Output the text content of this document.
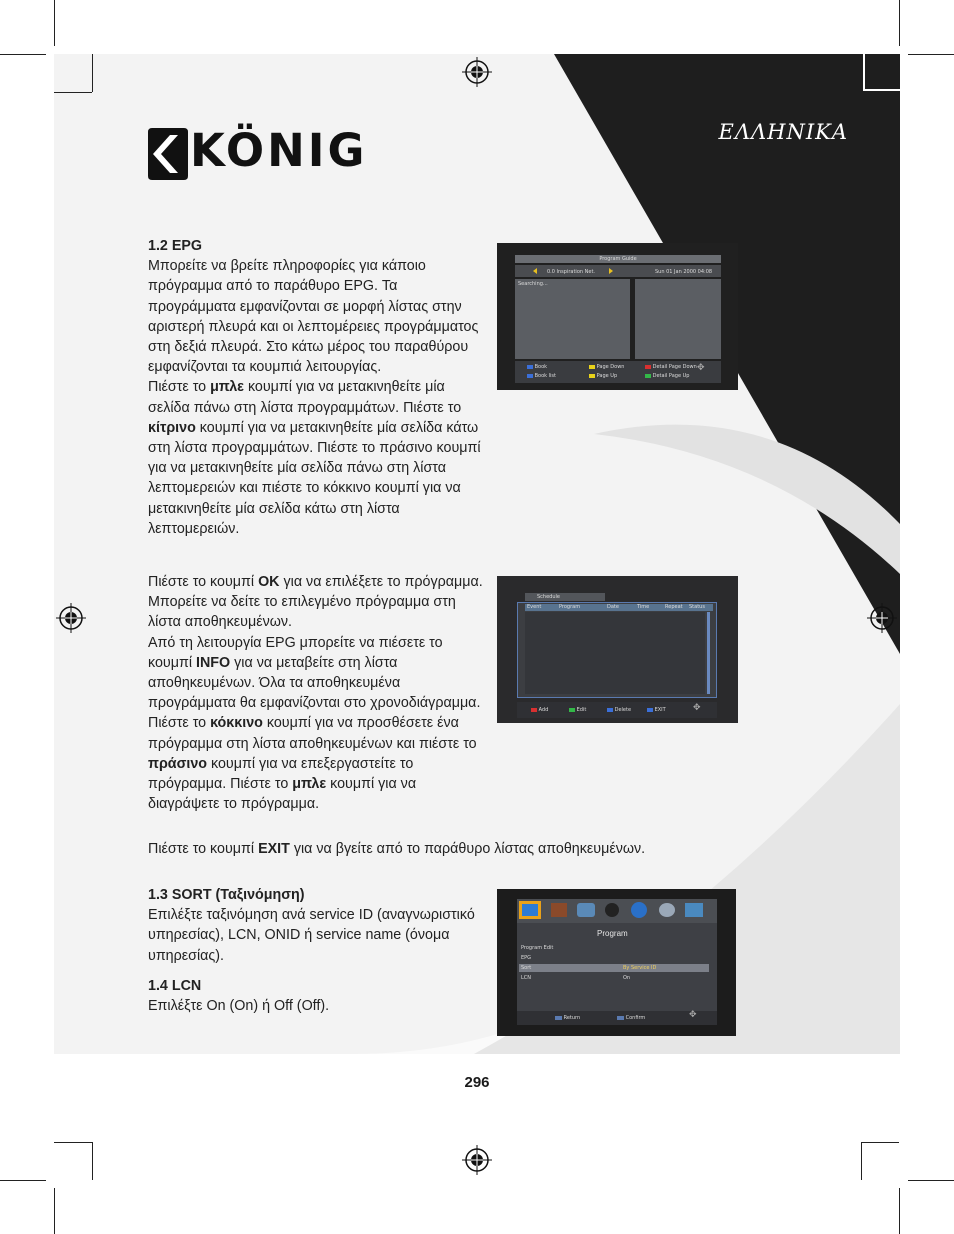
ΕΛΛΗΝΙΚΑ
KÖNIG
1.2 EPG
Μπορείτε να βρείτε πληροφορίες για κάποιο πρόγραμμα από το παράθυρο EPG. Τα προγράμματα εμφανίζονται σε μορφή λίστας στην αριστερή πλευρά και οι λεπτομέρειες προγράμματος στη δεξιά πλευρά. Στο κάτω μέρος του παραθύρου εμφανίζονται τα κουμπιά λειτουργίας.
Πιέστε το μπλε κουμπί για να μετακινηθείτε μία σελίδα πάνω στη λίστα προγραμμάτων. Πιέστε το κίτρινο κουμπί για να μετακινηθείτε μία σελίδα κάτω στη λίστα προγραμμάτων. Πιέστε το πράσινο κουμπί για να μετακινηθείτε μία σελίδα πάνω στη λίστα λεπτομερειών και πιέστε το κόκκινο κουμπί για να μετακινηθείτε μία σελίδα κάτω στη λίστα λεπτομερειών.
Πιέστε το κουμπί OK για να επιλέξετε το πρόγραμμα. Μπορείτε να δείτε το επιλεγμένο πρόγραμμα στη λίστα αποθηκευμένων.
Από τη λειτουργία EPG μπορείτε να πιέσετε το κουμπί INFO για να μεταβείτε στη λίστα αποθηκευμένων. Όλα τα αποθηκευμένα προγράμματα θα εμφανίζονται στο χρονοδιάγραμμα.
Πιέστε το κόκκινο κουμπί για να προσθέσετε ένα πρόγραμμα στη λίστα αποθηκευμένων και πιέστε το πράσινο κουμπί για να επεξεργαστείτε το πρόγραμμα. Πιέστε το μπλε κουμπί για να διαγράψετε το πρόγραμμα.
Πιέστε το κουμπί EXIT για να βγείτε από το παράθυρο λίστας αποθηκευμένων.
1.3 SORT (Ταξινόμηση)
Επιλέξτε ταξινόμηση ανά service ID (αναγνωριστικό υπηρεσίας), LCN, ONID ή service name (όνομα υπηρεσίας).
1.4 LCN
Επιλέξτε On (On) ή Off (Off).
Program Guide
0.0 Inspiration Net.	Sun 01 Jan 2000 04:08
Searching...
Book	Page Down	Detail Page Down
Book list	Page Up	Detail Page Up
✥
Schedule
Event	Program	Date	Time	Repeat Status
Add	Edit	Delete	EXIT	✥
Program
Program Edit
EPG
Sort	By Service ID
LCN	On
Return	Confirm	✥
296
